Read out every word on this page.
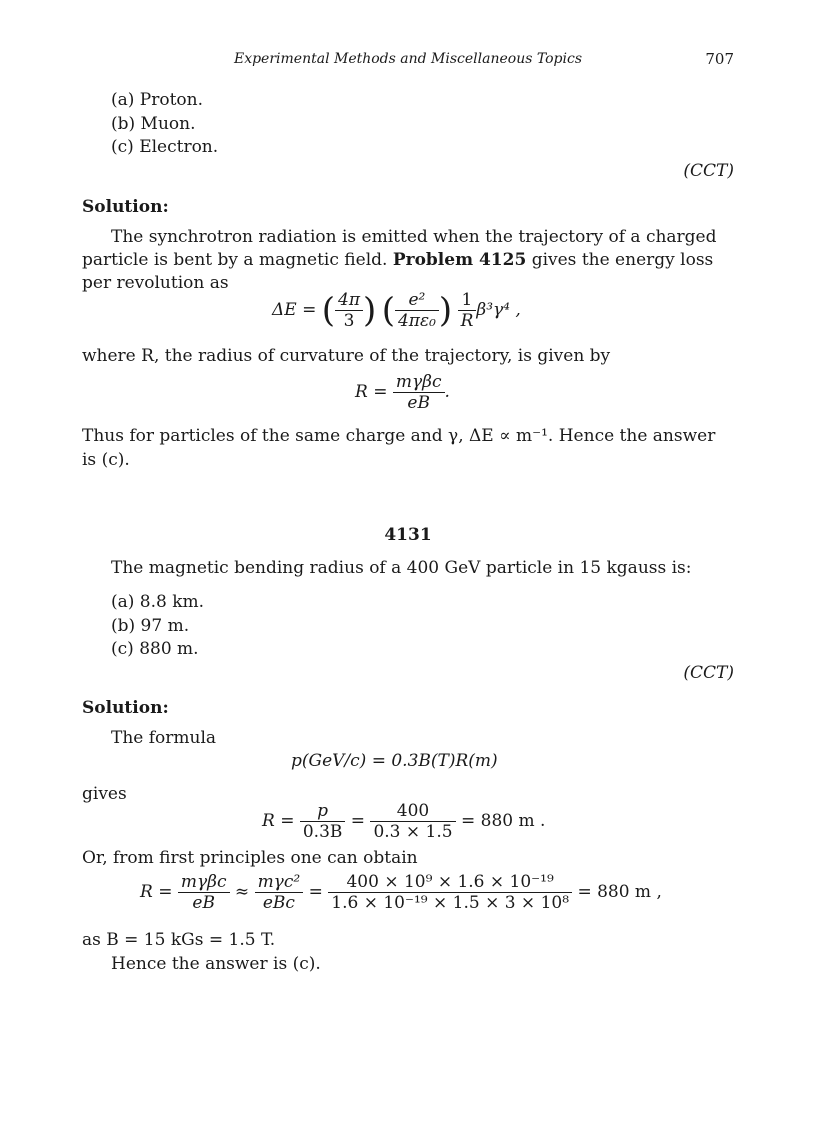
Experimental Methods and Miscellaneous Topics	707
(a) Proton.
(b) Muon.
(c) Electron.
(CCT)
Solution:
The synchrotron radiation is emitted when the trajectory of a charged
particle is bent by a magnetic field. Problem 4125 gives the energy loss
per revolution as
ΔE = ( $\frac{4\pi}{3}$ ) ( $\frac{\text{e²}}{\text{4πε₀}}$ ) $\frac{1}{R} \beta^3\gamma^4$ ,
where R, the radius of curvature of the trajectory, is given by
$R = \frac{\text{mγβc}}{eB}$ .
Thus for particles of the same charge and γ, ΔE ∝ m⁻¹. Hence the answer
is (c).
4131
The magnetic bending radius of a 400 GeV particle in 15 kgauss is:
(a) 8.8 km.
(b) 97 m.
(c) 880 m.
(CCT)
Solution:
The formula
p(GeV/c) = 0.3B(T)R(m)
gives
$R = \frac{p}{0.3B} = \frac{400}{0.3 \times 1.5} = 880$ m .
Or, from first principles one can obtain
$R = \frac{\text{mγβc}}{eB} \approx \frac{\text{mγc²}}{\text{eBc}} = \frac{\text{400 × 10⁹ × 1.6 × 10⁻¹⁹}}{\text{1.6 × 10⁻¹⁹ × 1.5 × 3 × 10⁸}} = 880$ m ,
as B = 15 kGs = 1.5 T.
Hence the answer is (c).
